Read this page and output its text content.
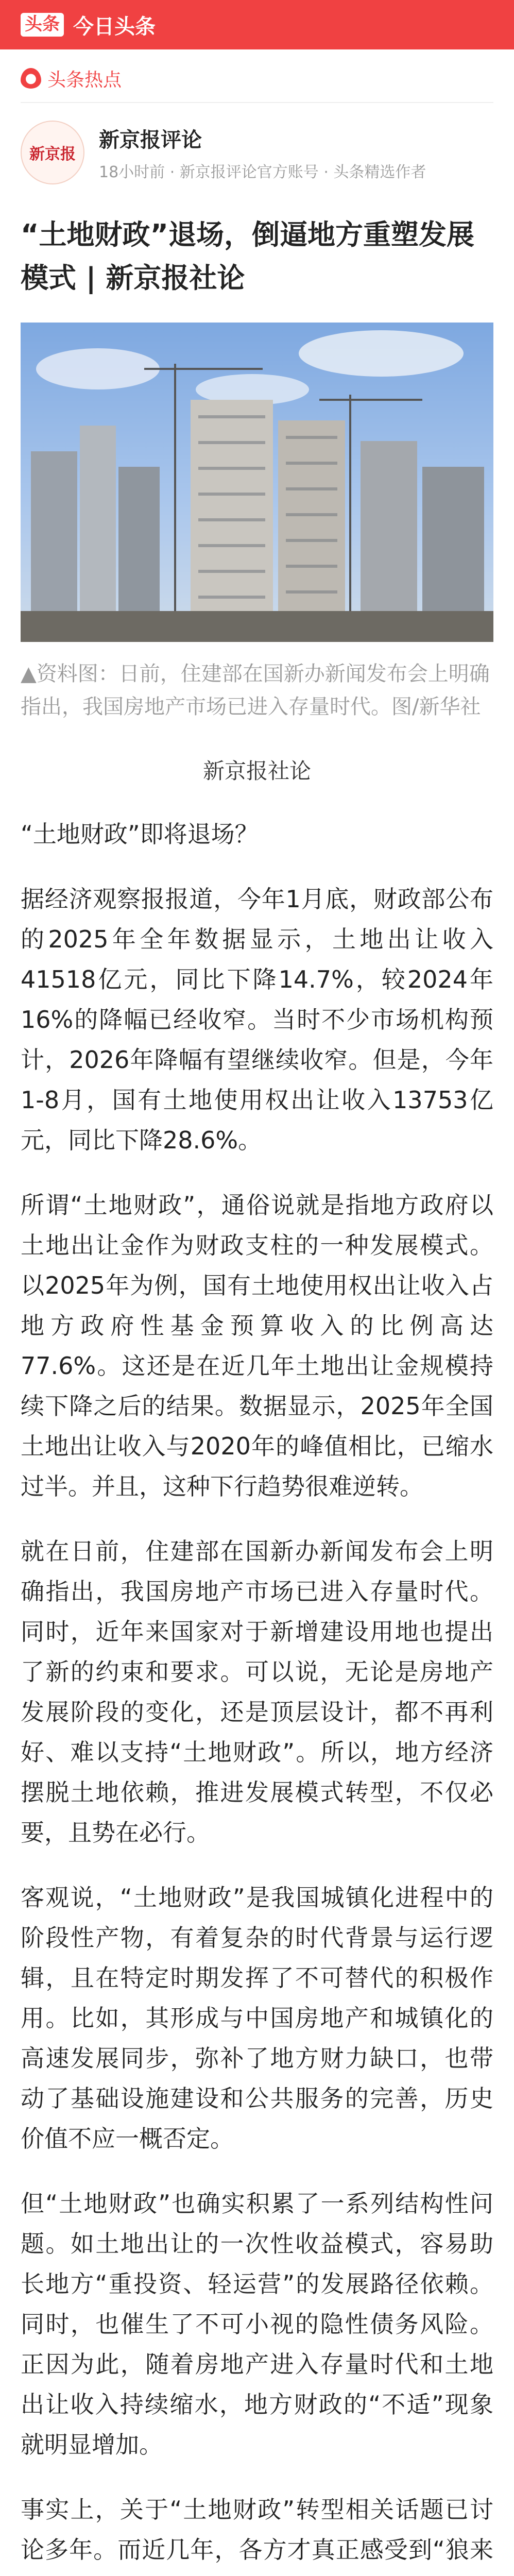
头条 今日头条
● 头条热点
新京报
新京报评论
18小时前 · 新京报评论官方账号 · 头条精选作者
“土地财政”退场，倒逼地方重塑发展模式 | 新京报社论
▲资料图：日前，住建部在国新办新闻发布会上明确指出，我国房地产市场已进入存量时代。图/新华社
新京报社论

“土地财政”即将退场？

据经济观察报报道，今年1月底，财政部公布的2025年全年数据显示，土地出让收入41518亿元，同比下降14.7%，较2024年16%的降幅已经收窄。当时不少市场机构预计，2026年降幅有望继续收窄。但是，今年1-8月，国有土地使用权出让收入13753亿元，同比下降28.6%。

所谓“土地财政”，通俗说就是指地方政府以土地出让金作为财政支柱的一种发展模式。以2025年为例，国有土地使用权出让收入占地方政府性基金预算收入的比例高达77.6%。这还是在近几年土地出让金规模持续下降之后的结果。数据显示，2025年全国土地出让收入与2020年的峰值相比，已缩水过半。并且，这种下行趋势很难逆转。

就在日前，住建部在国新办新闻发布会上明确指出，我国房地产市场已进入存量时代。同时，近年来国家对于新增建设用地也提出了新的约束和要求。可以说，无论是房地产发展阶段的变化，还是顶层设计，都不再利好、难以支持“土地财政”。所以，地方经济摆脱土地依赖，推进发展模式转型，不仅必要，且势在必行。

客观说，“土地财政”是我国城镇化进程中的阶段性产物，有着复杂的时代背景与运行逻辑，且在特定时期发挥了不可替代的积极作用。比如，其形成与中国房地产和城镇化的高速发展同步，弥补了地方财力缺口，也带动了基础设施建设和公共服务的完善，历史价值不应一概否定。

但“土地财政”也确实积累了一系列结构性问题。如土地出让的一次性收益模式，容易助长地方“重投资、轻运营”的发展路径依赖。同时，也催生了不可小视的隐性债务风险。正因为此，随着房地产进入存量时代和土地出让收入持续缩水，地方财政的“不适”现象就明显增加。

事实上，关于“土地财政”转型相关话题已讨论多年。而近几年，各方才真正感受到“狼来
